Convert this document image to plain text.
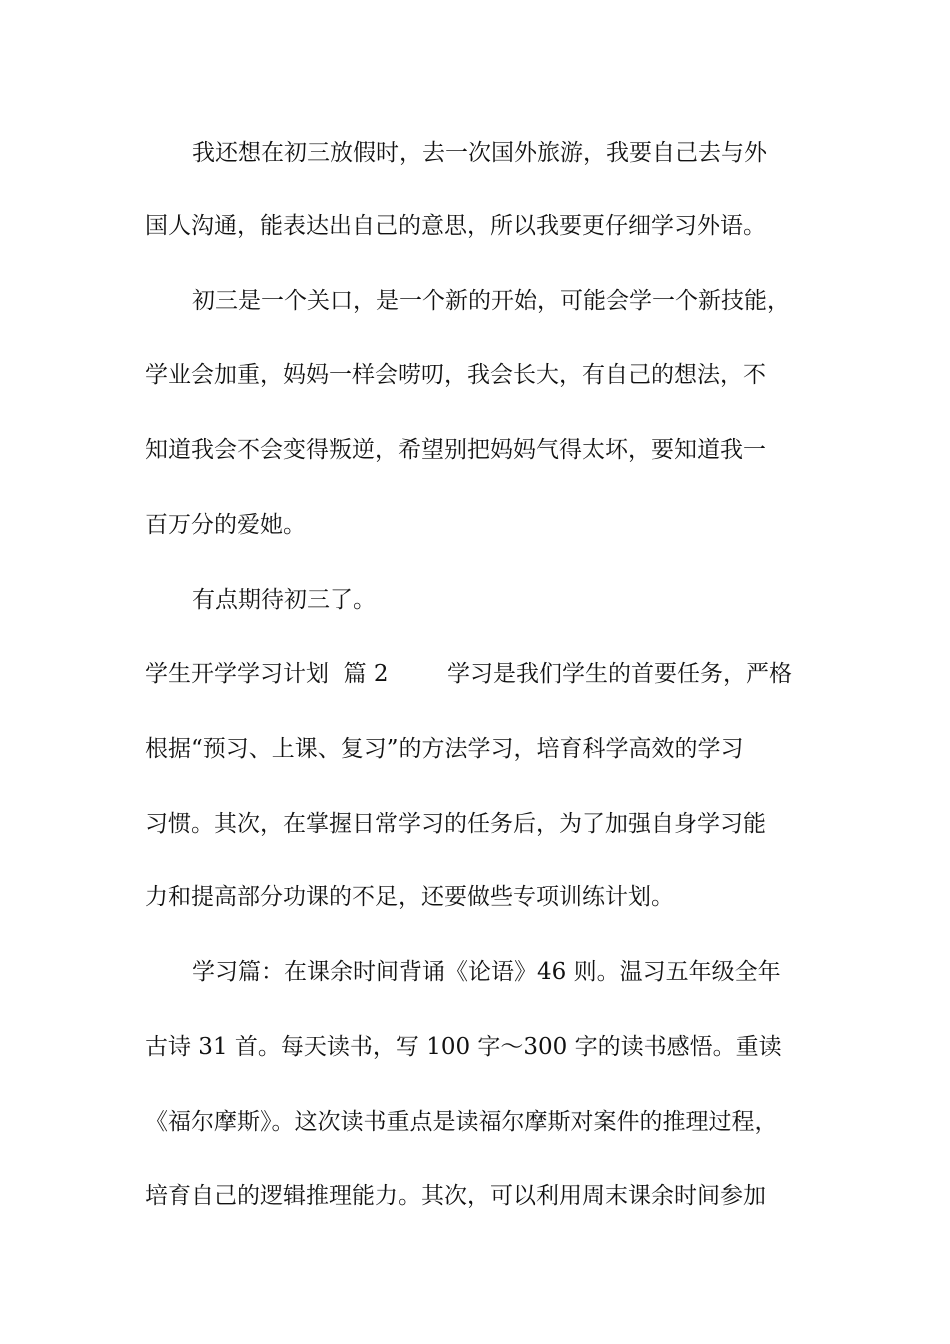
我还想在初三放假时，去一次国外旅游，我要自己去与外
国人沟通，能表达出自己的意思，所以我要更仔细学习外语。
初三是一个关口，是一个新的开始，可能会学一个新技能，
学业会加重，妈妈一样会唠叨，我会长大，有自己的想法，不
知道我会不会变得叛逆，希望别把妈妈气得太坏，要知道我一
百万分的爱她。
有点期待初三了。
学生开学学习计划  篇 2        学习是我们学生的首要任务，严格
根据“预习、上课、复习”的方法学习，培育科学高效的学习
习惯。其次，在掌握日常学习的任务后，为了加强自身学习能
力和提高部分功课的不足，还要做些专项训练计划。
学习篇：在课余时间背诵《论语》46 则。温习五年级全年
古诗 31 首。每天读书，写 100 字～300 字的读书感悟。重读
《福尔摩斯》。这次读书重点是读福尔摩斯对案件的推理过程，
培育自己的逻辑推理能力。其次，可以利用周末课余时间参加
